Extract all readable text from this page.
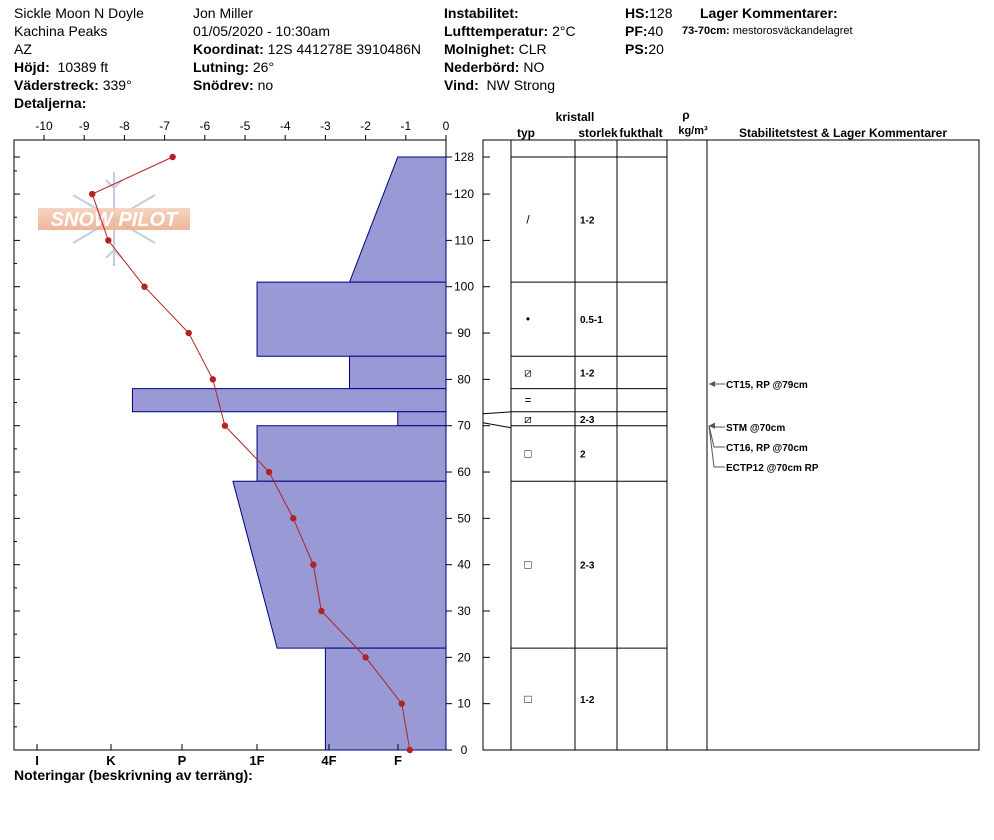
Sickle Moon N Doyle
Kachina Peaks
AZ
Höjd: 10389 ft
Väderstreck: 339°
Detaljerna:
Jon Miller
01/05/2020 - 10:30am
Koordinat: 12S 441278E 3910486N
Lutning: 26°
Snödrev: no
Instabilitet:
Lufttemperatur: 2°C
Molnighet: CLR
Nederbörd: NO
Vind: NW Strong
HS:128
PF:40
PS:20
Lager Kommentarer:
73-70cm: mestorosväckandelagret
Noteringar (beskrivning av terräng):
SNOW PILOT
-10 -9 -8 -7 -6 -5 -4 -3 -2 -1	0
I	K	P	1F	4F	F
0
10
20
30
40
50
60
70
80
90
100
110
120
128
kristall
typ	storlek fukthalt
ρ
kg/m³	Stabilitetstest & Lager Kommentarer
/	1-2
•	0.5-1
⧄	1-2
=
⧄	2-3
□	2
□	2-3
□	1-2
CT15, RP @79cm
STM @70cm
CT16, RP @70cm
ECTP12 @70cm RP
